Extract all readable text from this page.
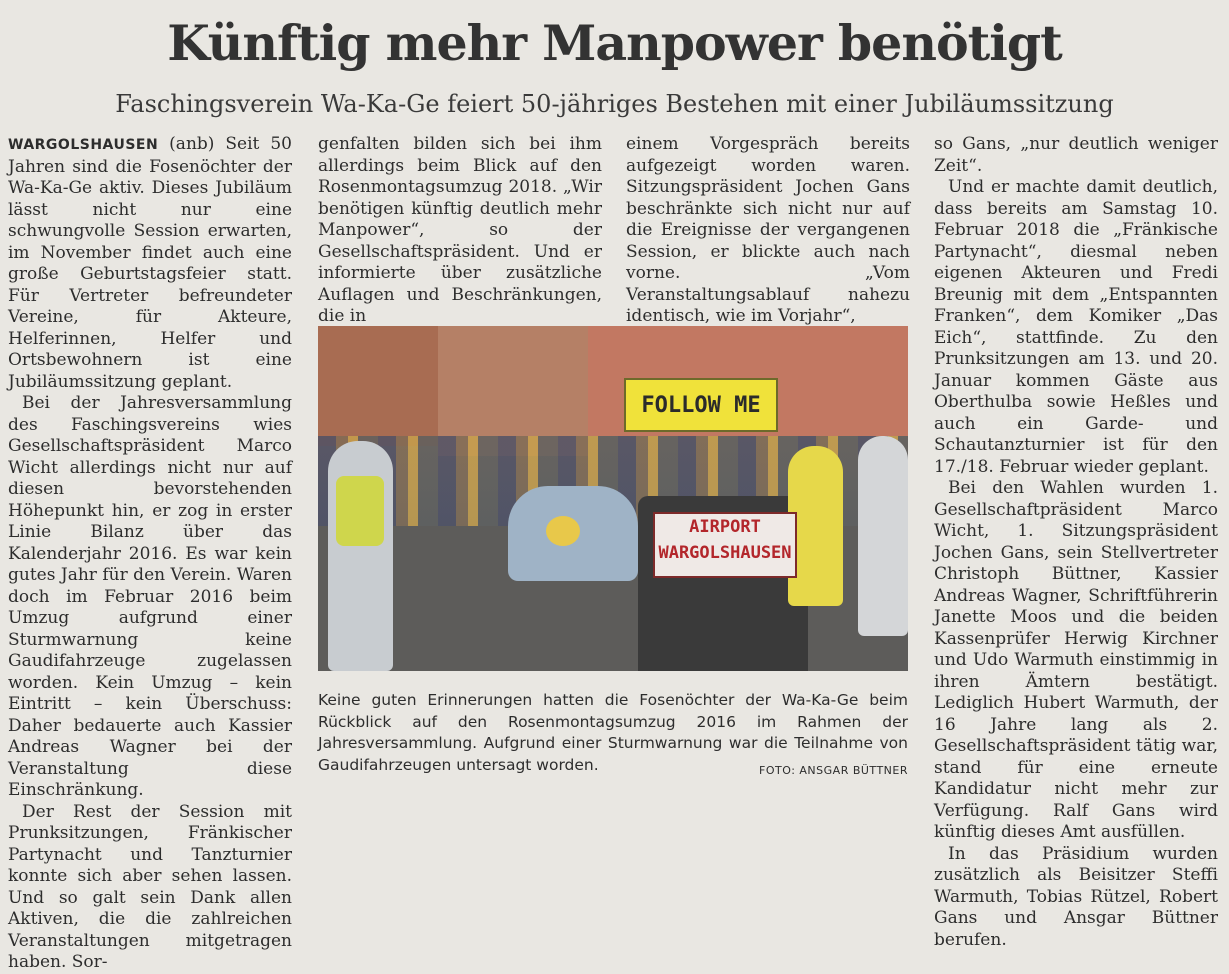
Künftig mehr Manpower benötigt
Faschingsverein Wa-Ka-Ge feiert 50-jähriges Bestehen mit einer Jubiläumssitzung

WARGOLSHAUSEN (anb) Seit 50 Jahren sind die Fosenöchter der Wa-Ka-Ge aktiv. Dieses Jubiläum lässt nicht nur eine schwungvolle Session erwarten, im November findet auch eine große Geburtstagsfeier statt. Für Vertreter befreundeter Vereine, für Akteure, Helferinnen, Helfer und Ortsbewohnern ist eine Jubiläumssitzung geplant.

Bei der Jahresversammlung des Faschingsvereins wies Gesellschaftspräsident Marco Wicht allerdings nicht nur auf diesen bevorstehenden Höhepunkt hin, er zog in erster Linie Bilanz über das Kalenderjahr 2016. Es war kein gutes Jahr für den Verein. Waren doch im Februar 2016 beim Umzug aufgrund einer Sturmwarnung keine Gaudifahrzeuge zugelassen worden. Kein Umzug – kein Eintritt – kein Überschuss: Daher bedauerte auch Kassier Andreas Wagner bei der Veranstaltung diese Einschränkung.

Der Rest der Session mit Prunksitzungen, Fränkischer Partynacht und Tanzturnier konnte sich aber sehen lassen. Und so galt sein Dank allen Aktiven, die die zahlreichen Veranstaltungen mitgetragen haben. Sor-

genfalten bilden sich bei ihm allerdings beim Blick auf den Rosenmontagsumzug 2018. „Wir benötigen künftig deutlich mehr Manpower“, so der Gesellschaftspräsident. Und er informierte über zusätzliche Auflagen und Beschränkungen, die in

einem Vorgespräch bereits aufgezeigt worden waren. Sitzungspräsident Jochen Gans beschränkte sich nicht nur auf die Ereignisse der vergangenen Session, er blickte auch nach vorne. „Vom Veranstaltungsablauf nahezu identisch, wie im Vorjahr“,

so Gans, „nur deutlich weniger Zeit“.

Und er machte damit deutlich, dass bereits am Samstag 10. Februar 2018 die „Fränkische Partynacht“, diesmal neben eigenen Akteuren und Fredi Breunig mit dem „Entspannten Franken“, dem Komiker „Das Eich“, stattfinde. Zu den Prunksitzungen am 13. und 20. Januar kommen Gäste aus Oberthulba sowie Heßles und auch ein Garde- und Schautanzturnier ist für den 17./18. Februar wieder geplant.

Bei den Wahlen wurden 1. Gesellschaftpräsident Marco Wicht, 1. Sitzungspräsident Jochen Gans, sein Stellvertreter Christoph Büttner, Kassier Andreas Wagner, Schriftführerin Janette Moos und die beiden Kassenprüfer Herwig Kirchner und Udo Warmuth einstimmig in ihren Ämtern bestätigt. Lediglich Hubert Warmuth, der 16 Jahre lang als 2. Gesellschaftspräsident tätig war, stand für eine erneute Kandidatur nicht mehr zur Verfügung. Ralf Gans wird künftig dieses Amt ausfüllen.

In das Präsidium wurden zusätzlich als Beisitzer Steffi Warmuth, Tobias Rützel, Robert Gans und Ansgar Büttner berufen.

FOLLOW ME
AIRPORT
WARGOLSHAUSEN
Keine guten Erinnerungen hatten die Fosenöchter der Wa-Ka-Ge beim Rückblick auf den Rosenmontagsumzug 2016 im Rahmen der Jahresversammlung. Aufgrund einer Sturmwarnung war die Teilnahme von Gaudifahrzeugen untersagt worden.	FOTO: ANSGAR BÜTTNER
